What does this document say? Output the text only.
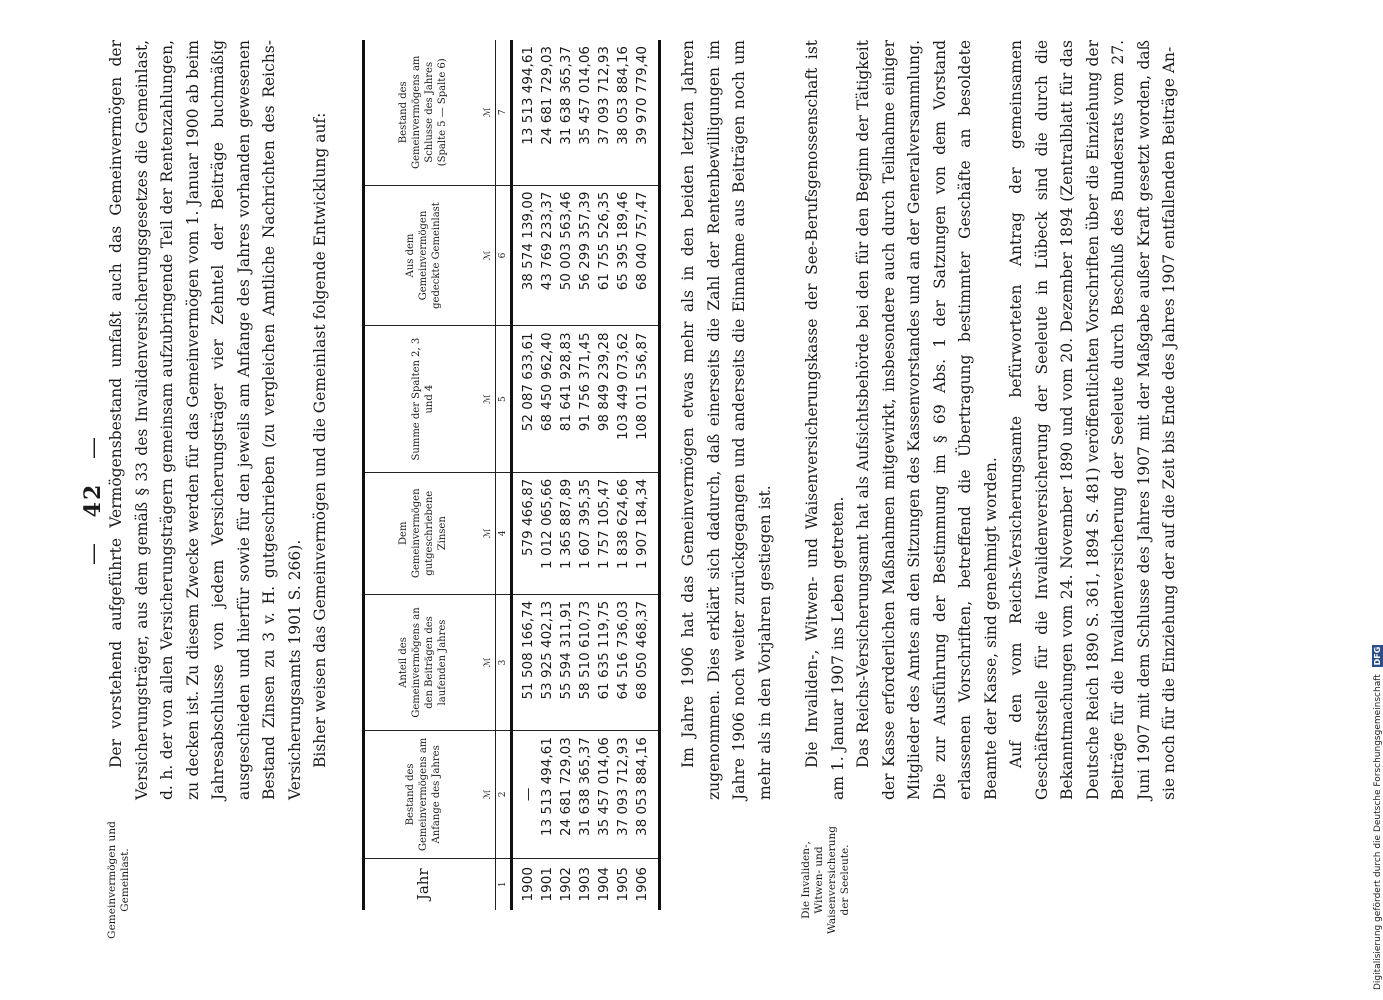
— 42 —
Gemeinvermögen und Gemeinlast.

Der vorstehend aufgeführte Vermögensbestand umfaßt auch das Gemeinvermögen der Versicherungsträger, aus dem gemäß § 33 des Invalidenversicherungsgesetzes die Gemeinlast, d. h. der von allen Versicherungsträgern gemeinsam aufzubringende Teil der Rentenzahlungen, zu decken ist. Zu diesem Zwecke werden für das Gemeinvermögen vom 1. Januar 1900 ab beim Jahresabschlusse von jedem Versicherungsträger vier Zehntel der Beiträge buchmäßig ausgeschieden und hierfür sowie für den jeweils am Anfange des Jahres vorhanden gewesenen Bestand Zinsen zu 3 v. H. gutgeschrieben (zu vergleichen Amtliche Nachrichten des Reichs-Versicherungsamts 1901 S. 266). Bisher weisen das Gemeinvermögen und die Gemeinlast folgende Entwicklung auf:

Jahr	Bestand des Gemeinvermögens am Anfange des Jahres	Anteil des Gemeinvermögens an den Beiträgen des laufenden Jahres	Dem Gemeinvermögen gutgeschriebene Zinsen	Summe der Spalten 2, 3 und 4	Aus dem Gemeinvermögen gedeckte Gemeinlast	Bestand des Gemeinvermögens am Schlusse des Jahres (Spalte 5 — Spalte 6)
	ℳ	ℳ	ℳ	ℳ	ℳ	ℳ
1	2	3	4	5	6	7
1900	—	51 508 166,74	579 466,87	52 087 633,61	38 574 139,00	13 513 494,61
1901	13 513 494,61	53 925 402,13	1 012 065,66	68 450 962,40	43 769 233,37	24 681 729,03
1902	24 681 729,03	55 594 311,91	1 365 887,89	81 641 928,83	50 003 563,46	31 638 365,37
1903	31 638 365,37	58 510 610,73	1 607 395,35	91 756 371,45	56 299 357,39	35 457 014,06
1904	35 457 014,06	61 635 119,75	1 757 105,47	98 849 239,28	61 755 526,35	37 093 712,93
1905	37 093 712,93	64 516 736,03	1 838 624,66	103 449 073,62	65 395 189,46	38 053 884,16
1906	38 053 884,16	68 050 468,37	1 907 184,34	108 011 536,87	68 040 757,47	39 970 779,40 Im Jahre 1906 hat das Gemeinvermögen etwas mehr als in den beiden letzten Jahren zugenommen. Dies erklärt sich dadurch, daß einerseits die Zahl der Rentenbewilligungen im Jahre 1906 noch weiter zurückgegangen und anderseits die Einnahme aus Beiträgen noch um mehr als in den Vorjahren gestiegen ist.

Die Invaliden-, Witwen- und Waisenversicherung der Seeleute.

Die Invaliden-, Witwen- und Waisenversicherungskasse der See-Berufsgenossenschaft ist am 1. Januar 1907 ins Leben getreten. Das Reichs-Versicherungsamt hat als Aufsichtsbehörde bei den für den Beginn der Tätigkeit der Kasse erforderlichen Maßnahmen mitgewirkt, insbesondere auch durch Teilnahme einiger Mitglieder des Amtes an den Sitzungen des Kassenvorstandes und an der Generalversammlung. Die zur Ausführung der Bestimmung im § 69 Abs. 1 der Satzungen von dem Vorstand erlassenen Vorschriften, betreffend die Übertragung bestimmter Geschäfte an besoldete Beamte der Kasse, sind genehmigt worden. Auf den vom Reichs-Versicherungsamte befürworteten Antrag der gemeinsamen Geschäftsstelle für die Invalidenversicherung der Seeleute in Lübeck sind die durch die Bekanntmachungen vom 24. November 1890 und vom 20. Dezember 1894 (Zentralblatt für das Deutsche Reich 1890 S. 361, 1894 S. 481) veröffentlichten Vorschriften über die Einziehung der Beiträge für die Invalidenversicherung der Seeleute durch Beschluß des Bundesrats vom 27. Juni 1907 mit dem Schlusse des Jahres 1907 mit der Maßgabe außer Kraft gesetzt worden, daß sie noch für die Einziehung der auf die Zeit bis Ende des Jahres 1907 entfallenden Beiträge An-

Digitalisierung gefördert durch die Deutsche Forschungsgemeinschaft DFG
